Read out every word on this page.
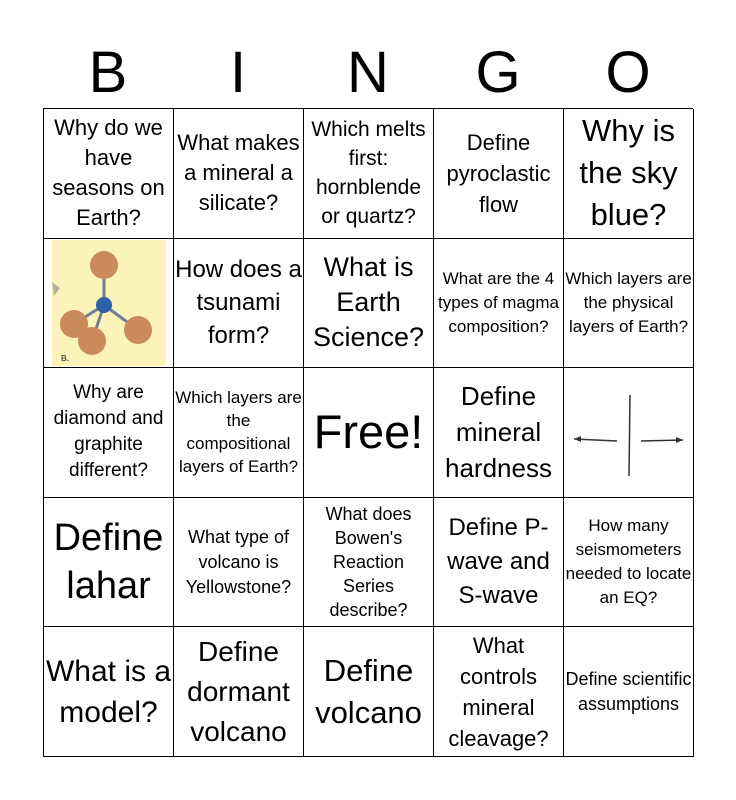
B	I	N	G	O
Why do we have seasons on Earth?
What makes a mineral a silicate?
Which melts first: hornblende or quartz?
Define pyroclastic flow
Why is the sky blue?
B.
How does a tsunami form?
What is Earth Science?
What are the 4 types of magma composition?
Which layers are the physical layers of Earth?
Why are diamond and graphite different?
Which layers are the compositional layers of Earth?
Free!
Define mineral hardness
Define lahar
What type of volcano is Yellowstone?
What does Bowen's Reaction Series describe?
Define P-wave and S-wave
How many seismometers needed to locate an EQ?
What is a model?
Define dormant volcano
Define volcano
What controls mineral cleavage?
Define scientific assumptions
